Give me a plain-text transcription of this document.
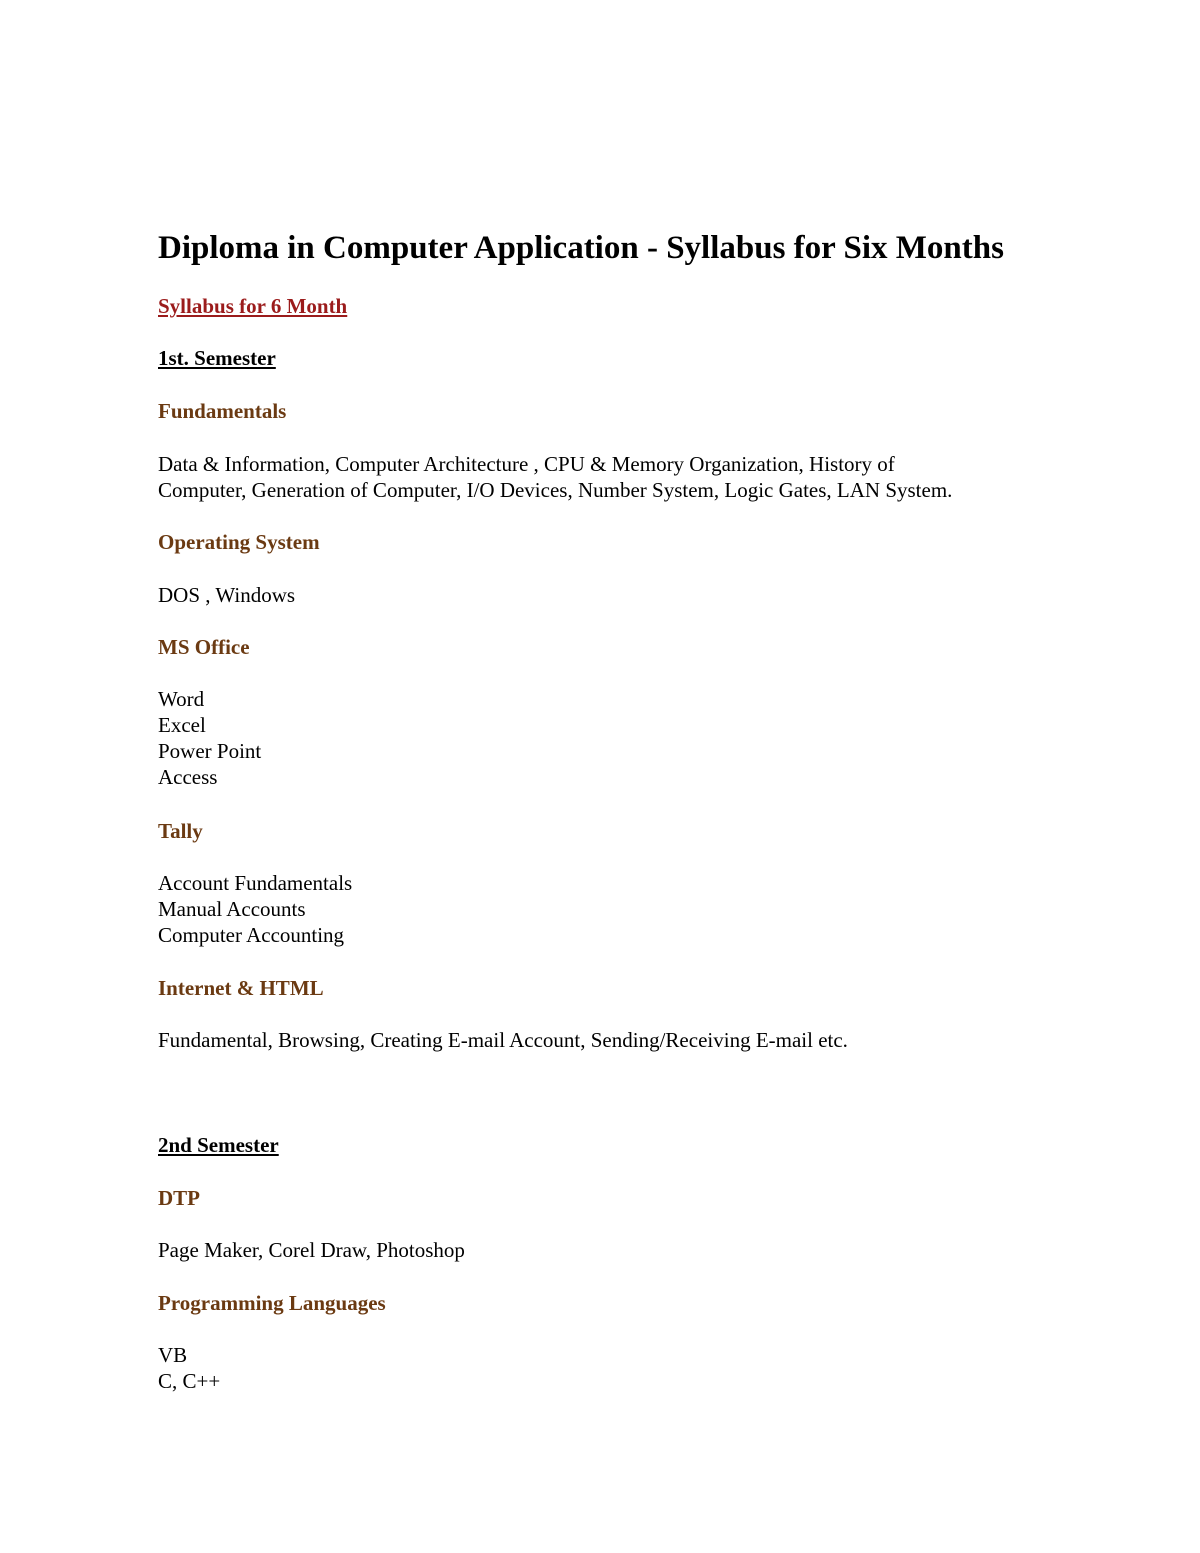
Diploma in Computer Application - Syllabus for Six Months
Syllabus for 6 Month
1st. Semester
Fundamentals
Data & Information, Computer Architecture , CPU & Memory Organization, History of
Computer, Generation of Computer, I/O Devices, Number System, Logic Gates, LAN System.
Operating System
DOS , Windows
MS Office
Word
Excel
Power Point
Access
Tally
Account Fundamentals
Manual Accounts
Computer Accounting
Internet & HTML
Fundamental, Browsing, Creating E-mail Account, Sending/Receiving E-mail etc.
2nd Semester
DTP
Page Maker, Corel Draw, Photoshop
Programming Languages
VB
C, C++
